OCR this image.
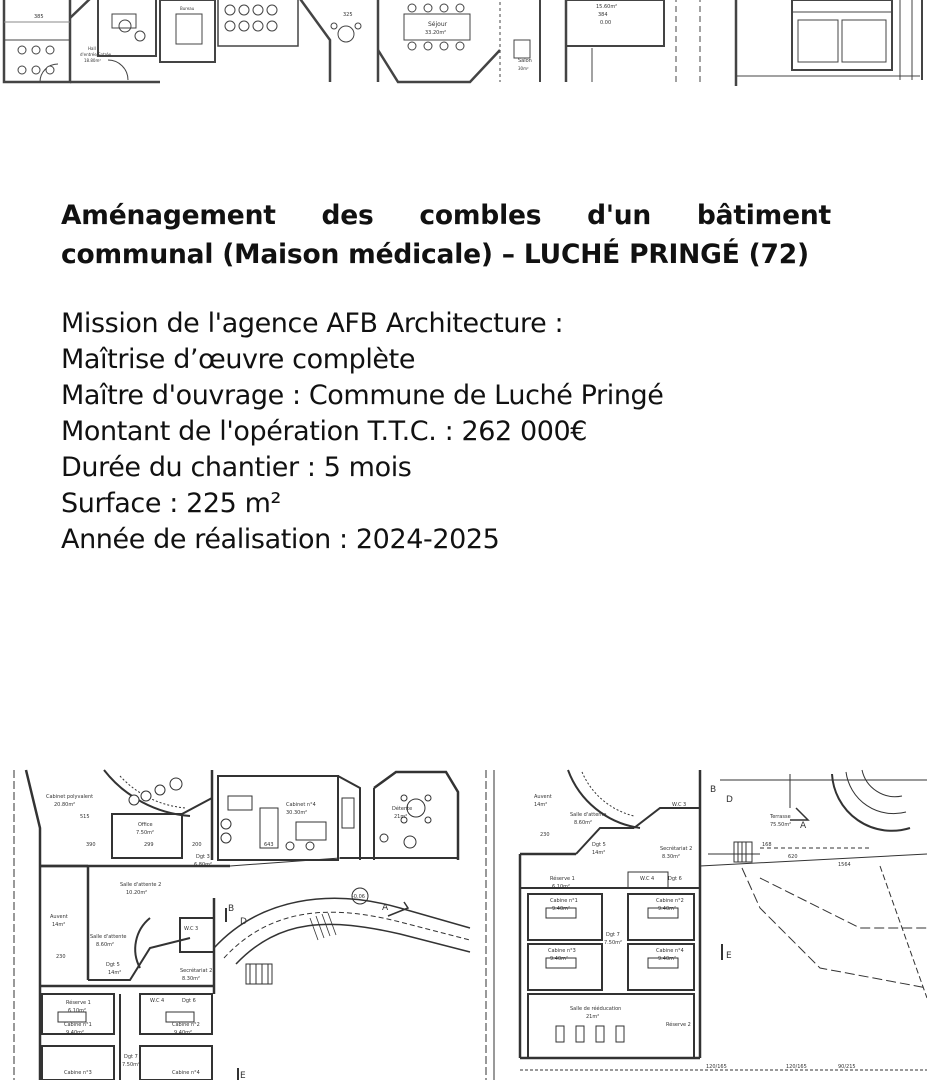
Séjour
33.20m²
Salon
30m²
Hall
d'entrée/Entrée
18.80m²
Bureau
385	325
15.60m²
384
0.00
Aménagement des combles d'un bâtiment
communal (Maison médicale) – LUCHÉ PRINGÉ (72)
Mission de l'agence AFB Architecture :
Maîtrise d’œuvre complète
Maître d'ouvrage : Commune de Luché Pringé
Montant de l'opération T.T.C. : 262 000€
Durée du chantier : 5 mois
Surface : 225 m²
Année de réalisation : 2024-2025
Cabinet polyvalent
20.80m²
Office
7.50m²
Cabinet n°4
30.30m²
Détente
21m²
Salle d'attente 2
10.20m²
Salle d'attente
8.60m²
Auvent
14m²
Dgt 3
6.80m²
Dgt 5
14m²	Secrétariat 2
8.30m²
W.C 3
W.C 4	Dgt 6
Réserve 1
6.10m²
Cabine n°1
9.40m²
Cabine n°2
9.40m²
Dgt 7
7.50m²
Cabine n°3	Cabine n°4
-0.06
390	299	200
230
643
515
A
B
D
E
Auvent
14m²
Salle d'attente
8.60m²
Dgt 5
14m²
Secrétariat 2
8.30m²
W.C 3
W.C 4	Dgt 6
Réserve 1
6.10m²
Cabine n°1
9.40m²
Cabine n°2
9.40m²
Cabine n°3
9.40m²
Cabine n°4
9.40m²
Dgt 7
7.50m²
Salle de rééducation
21m²
Réserve 2
Terrasse
75.50m²
230
620
1564
168
120/165	120/165	90/215
B
D
E
A
